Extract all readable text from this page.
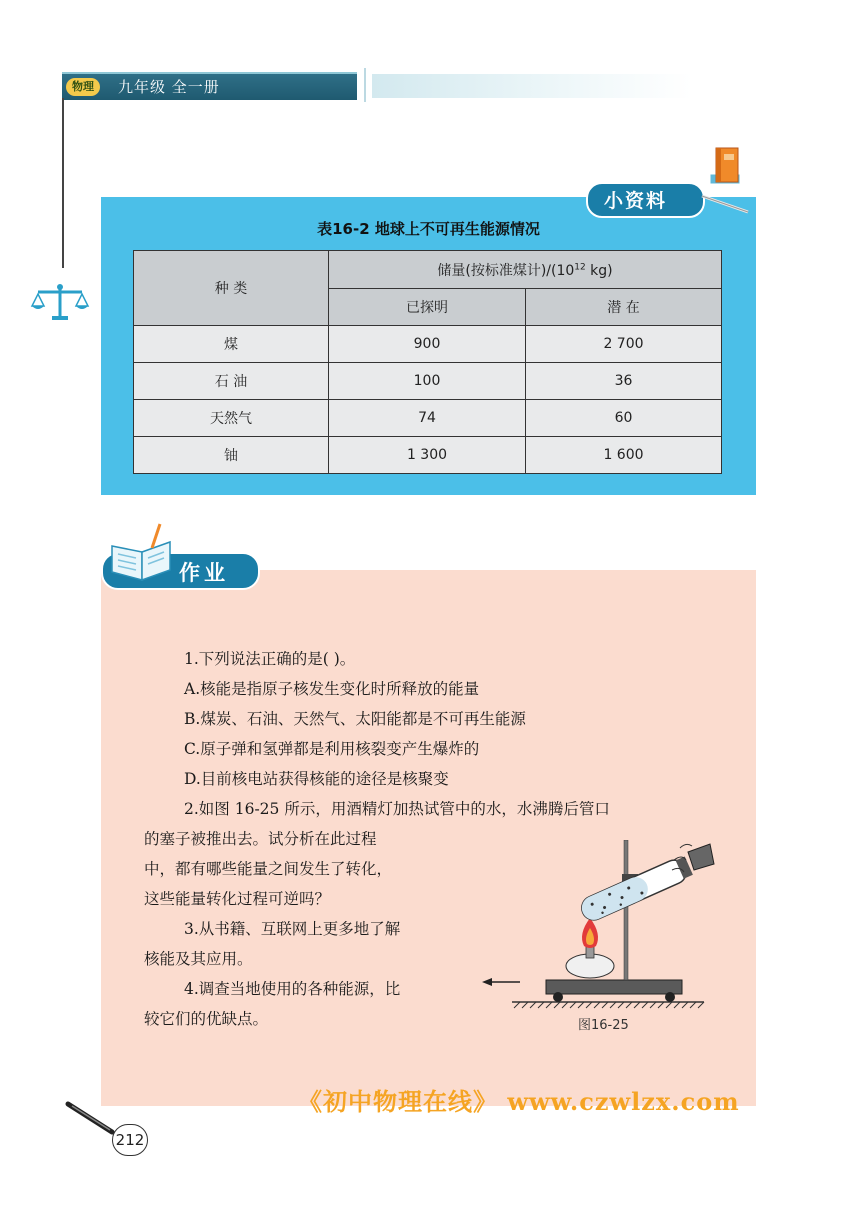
物理	九年级 全一册
小资料
表16-2 地球上不可再生能源情况
种 类	储量(按标准煤计)$/(10^{12}$ kg)	
	已探明	潜 在
煤	900	2 700
石 油	100	36
天然气	74	60
铀	1 300	1 600
作业
1.下列说法正确的是( )。
A.核能是指原子核发生变化时所释放的能量
B.煤炭、石油、天然气、太阳能都是不可再生能源
C.原子弹和氢弹都是利用核裂变产生爆炸的
D.目前核电站获得核能的途径是核聚变
2.如图 16-25 所示，用酒精灯加热试管中的水，水沸腾后管口
的塞子被推出去。试分析在此过程
中，都有哪些能量之间发生了转化，
这些能量转化过程可逆吗？
3.从书籍、互联网上更多地了解
核能及其应用。
4.调查当地使用的各种能源，比
较它们的优缺点。	图16-25
《初中物理在线》 www.czwlzx.com
212
